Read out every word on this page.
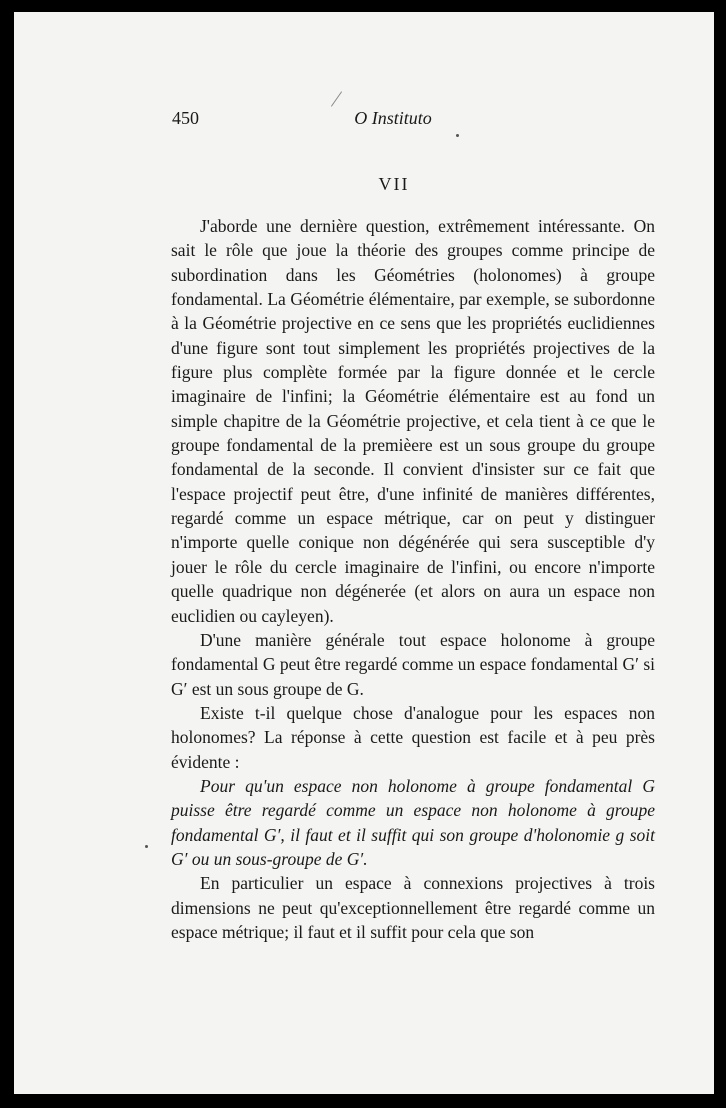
450	O Instituto
VII

J'aborde une dernière question, extrêmement intéressante. On sait le rôle que joue la théorie des groupes comme principe de subordination dans les Géométries (holonomes) à groupe fondamental. La Géométrie élémentaire, par exemple, se subordonne à la Géométrie projective en ce sens que les propriétés euclidiennes d'une figure sont tout simplement les propriétés projectives de la figure plus complète formée par la figure donnée et le cercle imaginaire de l'infini; la Géométrie élémentaire est au fond un simple chapitre de la Géométrie projective, et cela tient à ce que le groupe fondamental de la premièere est un sous groupe du groupe fondamental de la seconde. Il convient d'insister sur ce fait que l'espace projectif peut être, d'une infinité de manières différentes, regardé comme un espace métrique, car on peut y distinguer n'importe quelle conique non dégénérée qui sera susceptible d'y jouer le rôle du cercle imaginaire de l'infini, ou encore n'importe quelle quadrique non dégénerée (et alors on aura un espace non euclidien ou cayleyen).

D'une manière générale tout espace holonome à groupe fondamental G peut être regardé comme un espace fondamental G′ si G′ est un sous groupe de G.

Existe t-il quelque chose d'analogue pour les espaces non holonomes? La réponse à cette question est facile et à peu près évidente :

Pour qu'un espace non holonome à groupe fondamental G puisse être regardé comme un espace non holonome à groupe fondamental G′, il faut et il suffit qui son groupe d'holonomie g soit G′ ou un sous-groupe de G′.

En particulier un espace à connexions projectives à trois dimensions ne peut qu'exceptionnellement être regardé comme un espace métrique; il faut et il suffit pour cela que son
